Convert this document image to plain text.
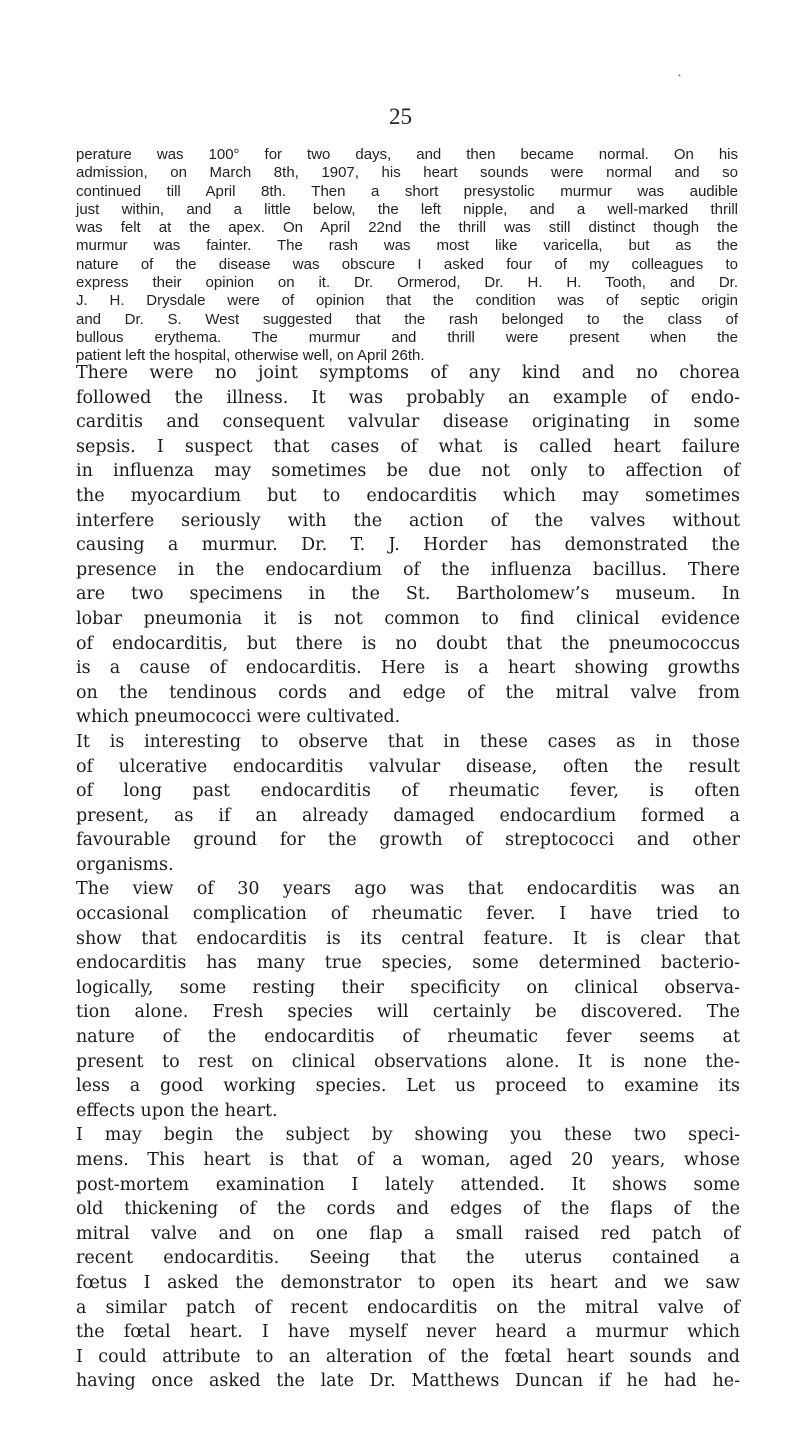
•
25
perature was 100° for two days, and then became normal. On his
admission, on March 8th, 1907, his heart sounds were normal and so
continued till April 8th. Then a short presystolic murmur was audible
just within, and a little below, the left nipple, and a well-marked thrill
was felt at the apex. On April 22nd the thrill was still distinct though the
murmur was fainter. The rash was most like varicella, but as the
nature of the disease was obscure I asked four of my colleagues to
express their opinion on it. Dr. Ormerod, Dr. H. H. Tooth, and Dr.
J. H. Drysdale were of opinion that the condition was of septic origin
and Dr. S. West suggested that the rash belonged to the class of
bullous erythema. The murmur and thrill were present when the
patient left the hospital, otherwise well, on April 26th.
There were no joint symptoms of any kind and no chorea
followed the illness. It was probably an example of endo-
carditis and consequent valvular disease originating in some
sepsis. I suspect that cases of what is called heart failure
in influenza may sometimes be due not only to affection of
the myocardium but to endocarditis which may sometimes
interfere seriously with the action of the valves without
causing a murmur. Dr. T. J. Horder has demonstrated the
presence in the endocardium of the influenza bacillus. There
are two specimens in the St. Bartholomew’s museum. In
lobar pneumonia it is not common to find clinical evidence
of endocarditis, but there is no doubt that the pneumococcus
is a cause of endocarditis. Here is a heart showing growths
on the tendinous cords and edge of the mitral valve from
which pneumococci were cultivated.
It is interesting to observe that in these cases as in those
of ulcerative endocarditis valvular disease, often the result
of long past endocarditis of rheumatic fever, is often
present, as if an already damaged endocardium formed a
favourable ground for the growth of streptococci and other
organisms.
The view of 30 years ago was that endocarditis was an
occasional complication of rheumatic fever. I have tried to
show that endocarditis is its central feature. It is clear that
endocarditis has many true species, some determined bacterio-
logically, some resting their specificity on clinical observa-
tion alone. Fresh species will certainly be discovered. The
nature of the endocarditis of rheumatic fever seems at
present to rest on clinical observations alone. It is none the-
less a good working species. Let us proceed to examine its
effects upon the heart.
I may begin the subject by showing you these two speci-
mens. This heart is that of a woman, aged 20 years, whose
post-mortem examination I lately attended. It shows some
old thickening of the cords and edges of the flaps of the
mitral valve and on one flap a small raised red patch of
recent endocarditis. Seeing that the uterus contained a
fœtus I asked the demonstrator to open its heart and we saw
a similar patch of recent endocarditis on the mitral valve of
the fœtal heart. I have myself never heard a murmur which
I could attribute to an alteration of the fœtal heart sounds and
having once asked the late Dr. Matthews Duncan if he had he-
